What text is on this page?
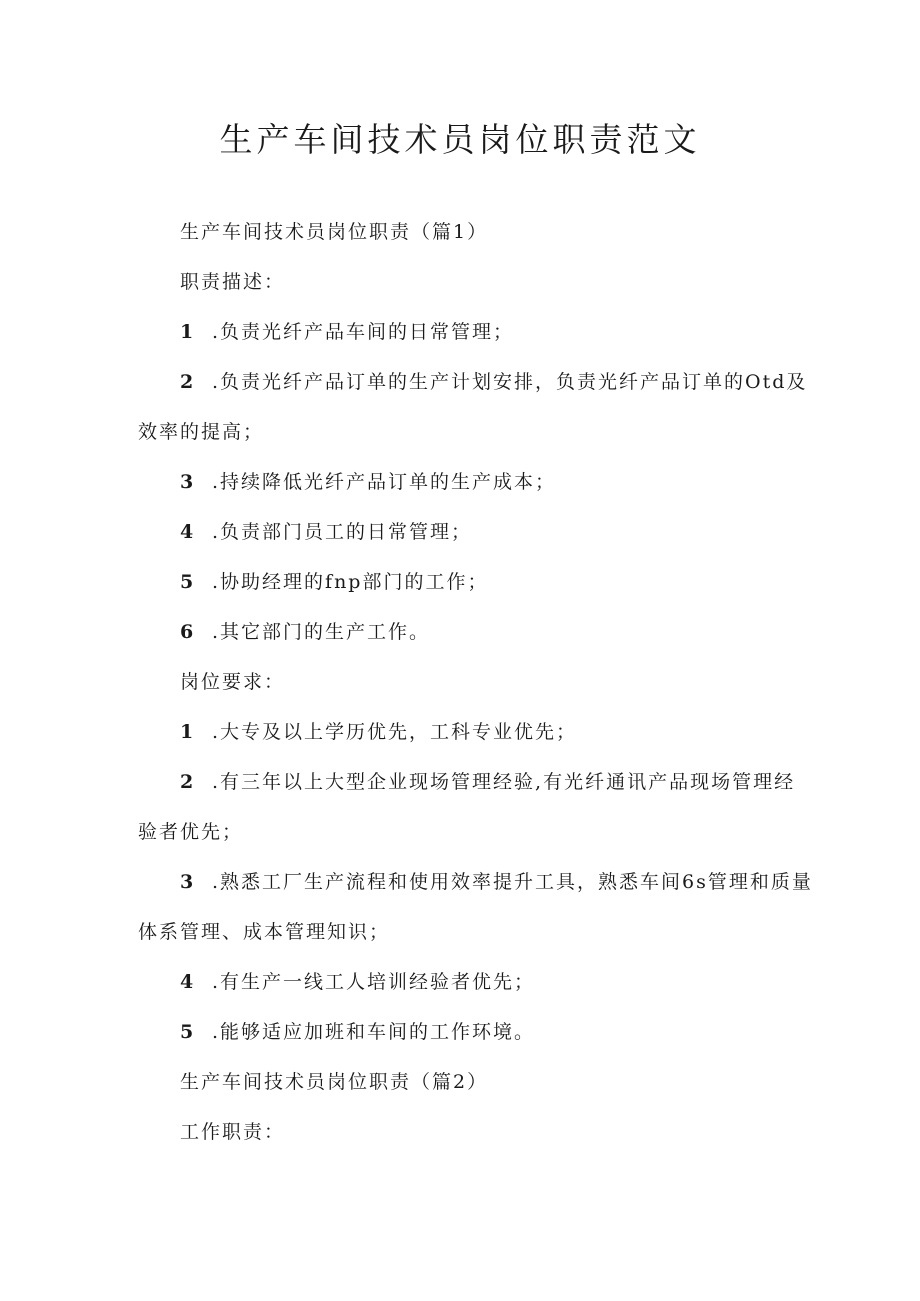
生产车间技术员岗位职责范文

生产车间技术员岗位职责（篇1）

职责描述：

1 .负责光纤产品车间的日常管理；

2 .负责光纤产品订单的生产计划安排，负责光纤产品订单的Otd及

效率的提高；

3 .持续降低光纤产品订单的生产成本；

4 .负责部门员工的日常管理；

5 .协助经理的fnp部门的工作；

6 .其它部门的生产工作。

岗位要求：

1 .大专及以上学历优先，工科专业优先；

2 .有三年以上大型企业现场管理经验,有光纤通讯产品现场管理经

验者优先；

3 .熟悉工厂生产流程和使用效率提升工具，熟悉车间6s管理和质量

体系管理、成本管理知识；

4 .有生产一线工人培训经验者优先；

5 .能够适应加班和车间的工作环境。

生产车间技术员岗位职责（篇2）

工作职责：
